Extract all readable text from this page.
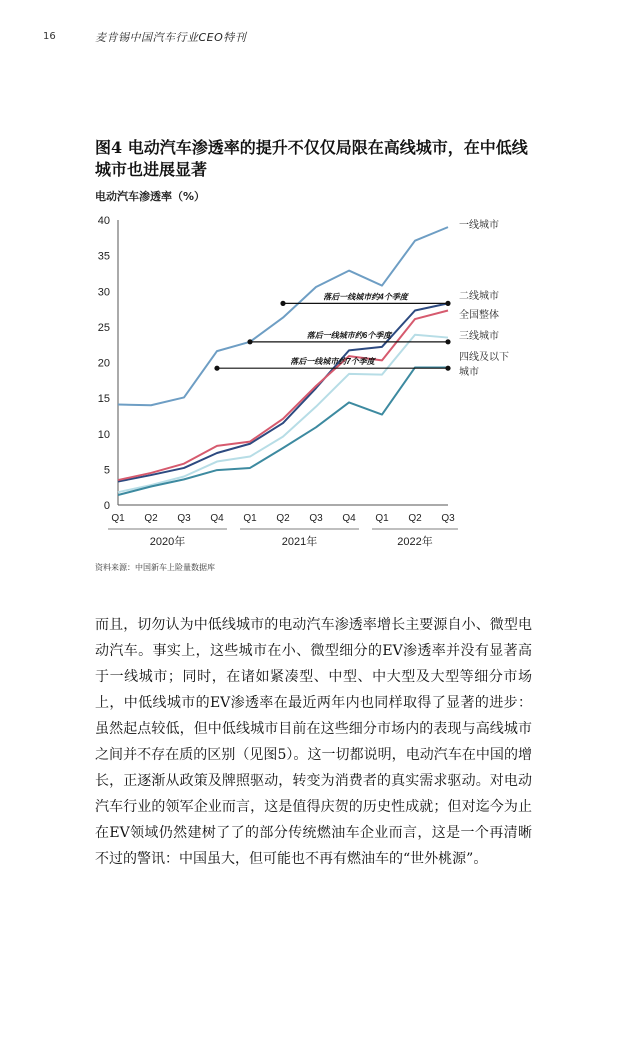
16	麦肯锡中国汽车行业CEO特刊
图4 电动汽车渗透率的提升不仅仅局限在高线城市，在中低线城市也进展显著
电动汽车渗透率（%）
0
5
10
15
20
25
30
35
40
Q1 Q2 Q3 Q4 Q1 Q2 Q3 Q4 Q1 Q2 Q3
2020年	2021年	2022年
落后一线城市约4个季度
落后一线城市约6个季度
落后一线城市约7个季度
一线城市
二线城市
全国整体
三线城市
四线及以下
城市
资料来源：中国新车上险量数据库
而且，切勿认为中低线城市的电动汽车渗透率增长主要源自小、微型电动汽车。事实上，这些城市在小、微型细分的EV渗透率并没有显著高于一线城市；同时，在诸如紧凑型、中型、中大型及大型等细分市场上，中低线城市的EV渗透率在最近两年内也同样取得了显著的进步：虽然起点较低，但中低线城市目前在这些细分市场内的表现与高线城市之间并不存在质的区别（见图5）。这一切都说明，电动汽车在中国的增长，正逐渐从政策及牌照驱动，转变为消费者的真实需求驱动。对电动汽车行业的领军企业而言，这是值得庆贺的历史性成就；但对迄今为止在EV领域仍然建树了了的部分传统燃油车企业而言，这是一个再清晰不过的警讯：中国虽大，但可能也不再有燃油车的“世外桃源”。
